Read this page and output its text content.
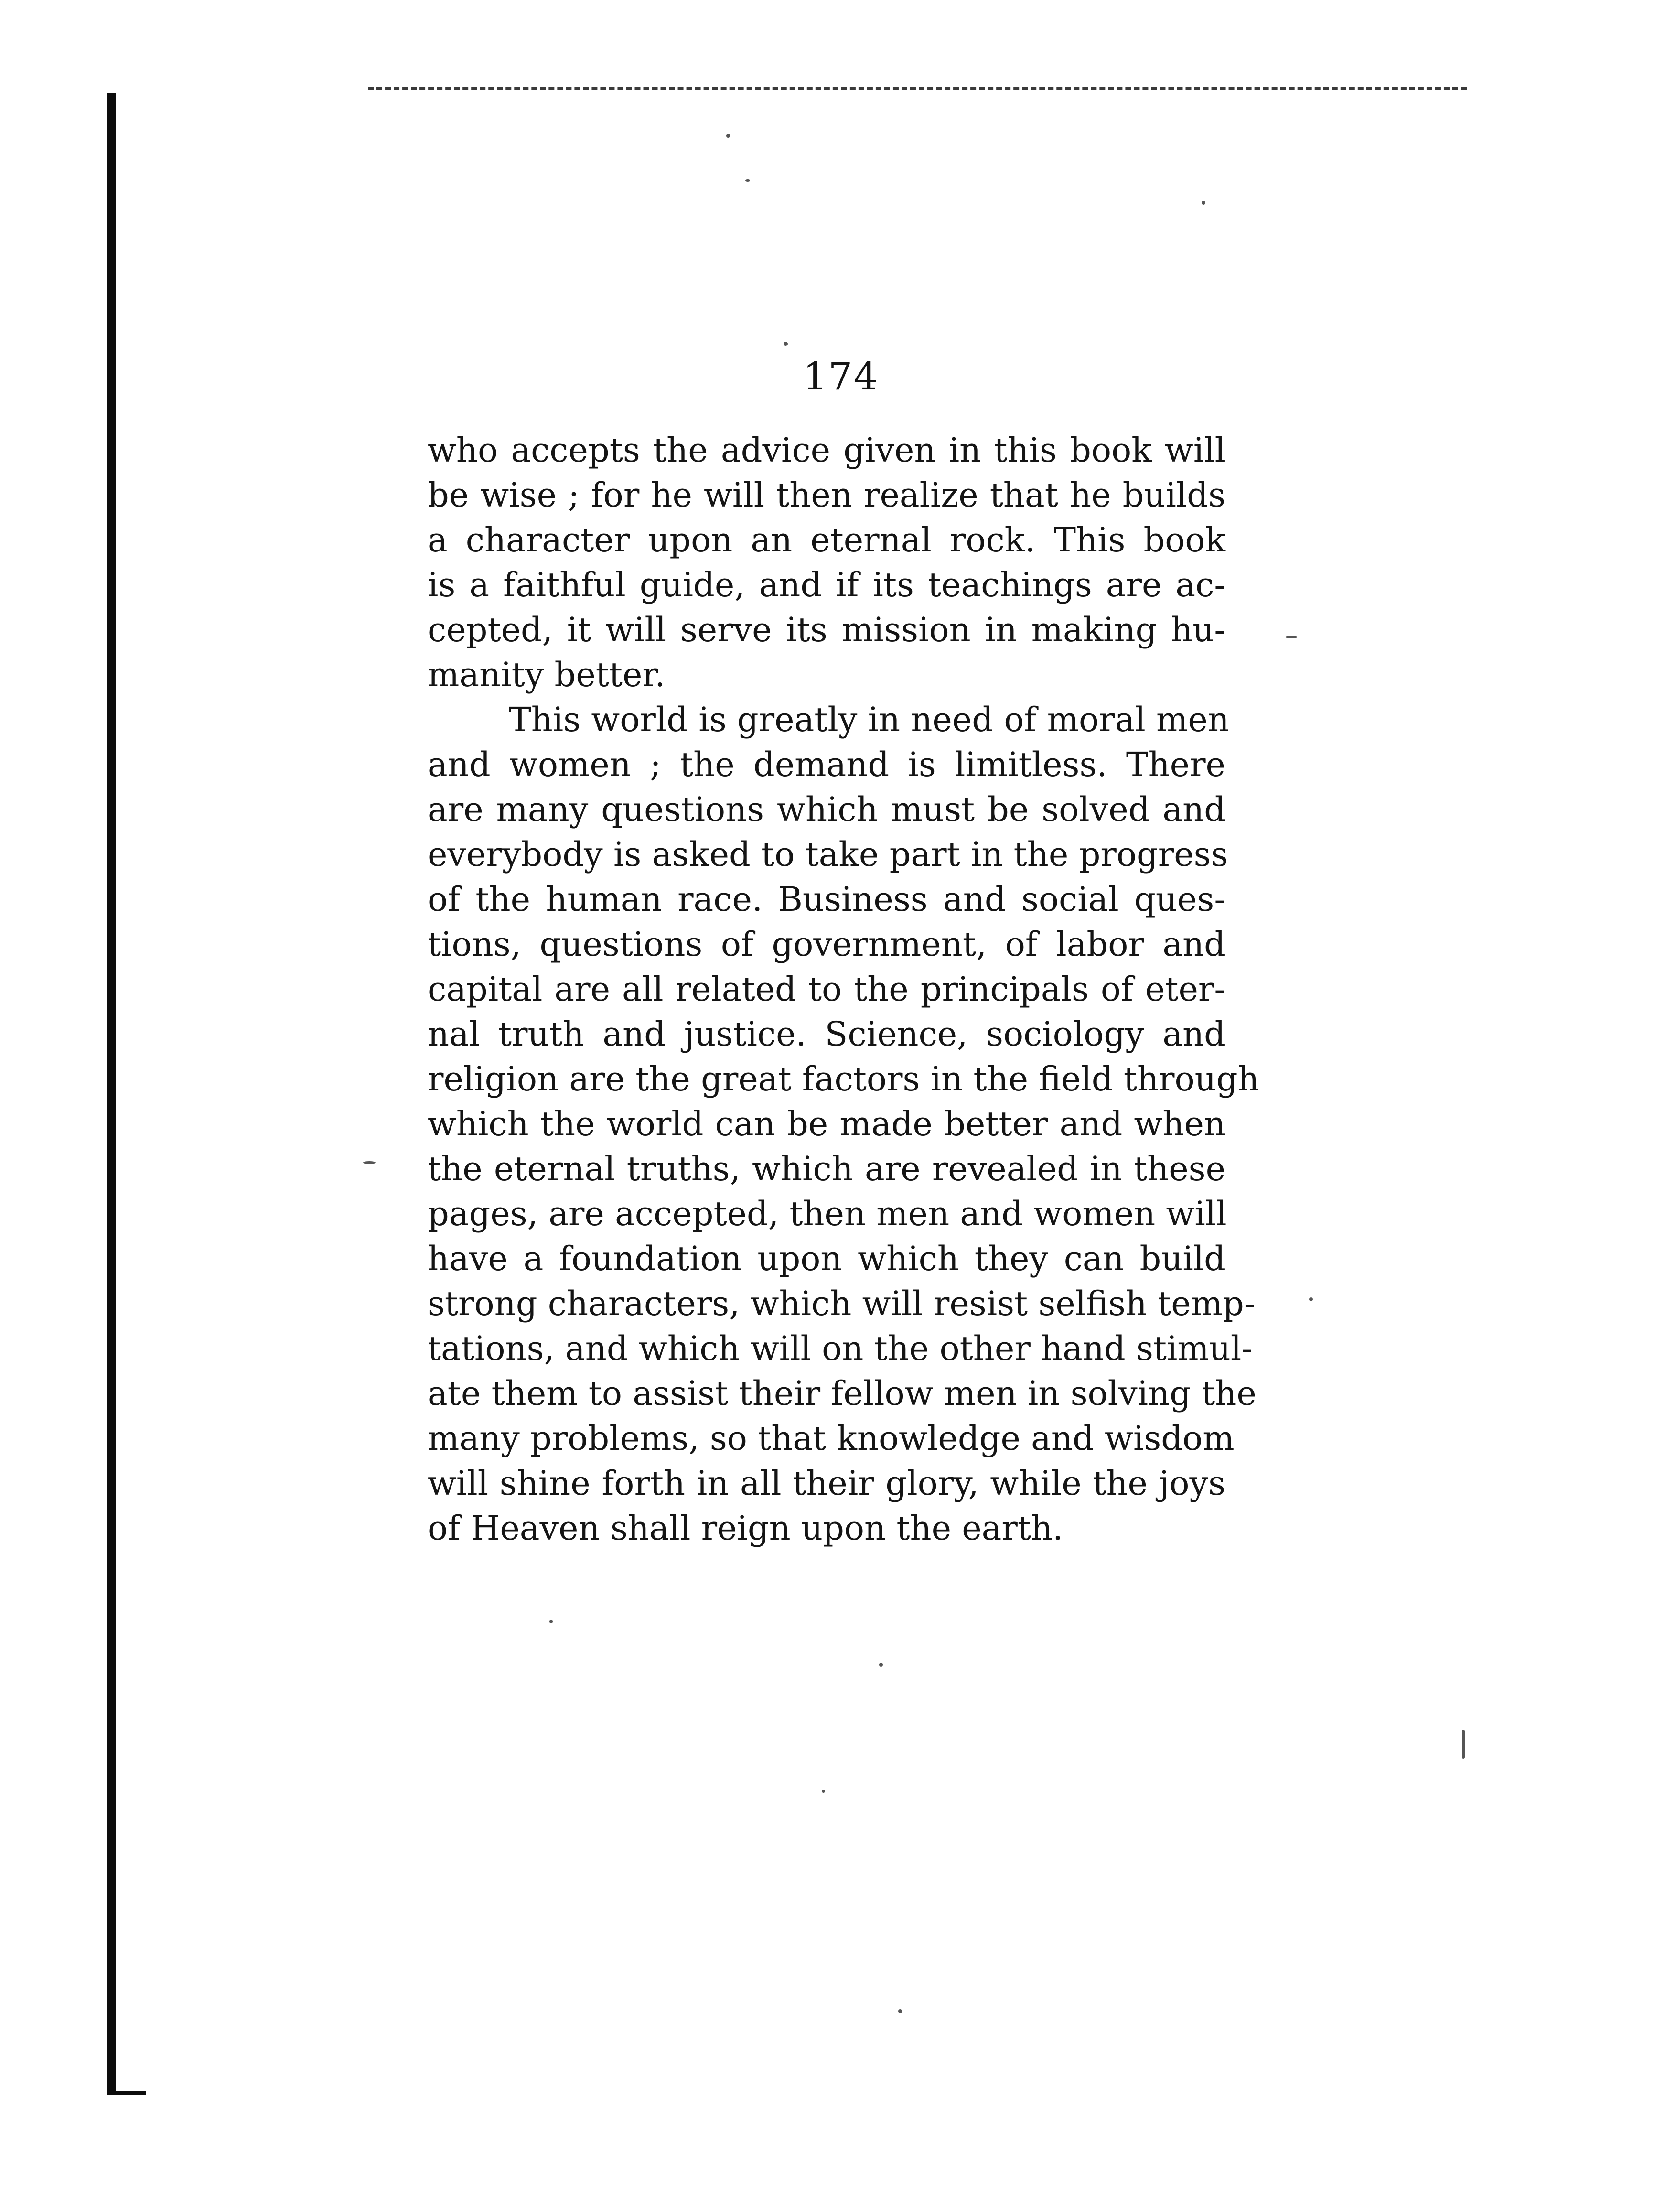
174
who accepts the advice given in this book will
be wise ; for he will then realize that he builds
a character upon an eternal rock. This book
is a faithful guide, and if its teachings are ac-
cepted, it will serve its mission in making hu-
manity better.
This world is greatly in need of moral men
and women ; the demand is limitless. There
are many questions which must be solved and
everybody is asked to take part in the progress
of the human race. Business and social ques-
tions, questions of government, of labor and
capital are all related to the principals of eter-
nal truth and justice. Science, sociology and
religion are the great factors in the field through
which the world can be made better and when
the eternal truths, which are revealed in these
pages, are accepted, then men and women will
have a foundation upon which they can build
strong characters, which will resist selfish temp-
tations, and which will on the other hand stimul-
ate them to assist their fellow men in solving the
many problems, so that knowledge and wisdom
will shine forth in all their glory, while the joys
of Heaven shall reign upon the earth.
